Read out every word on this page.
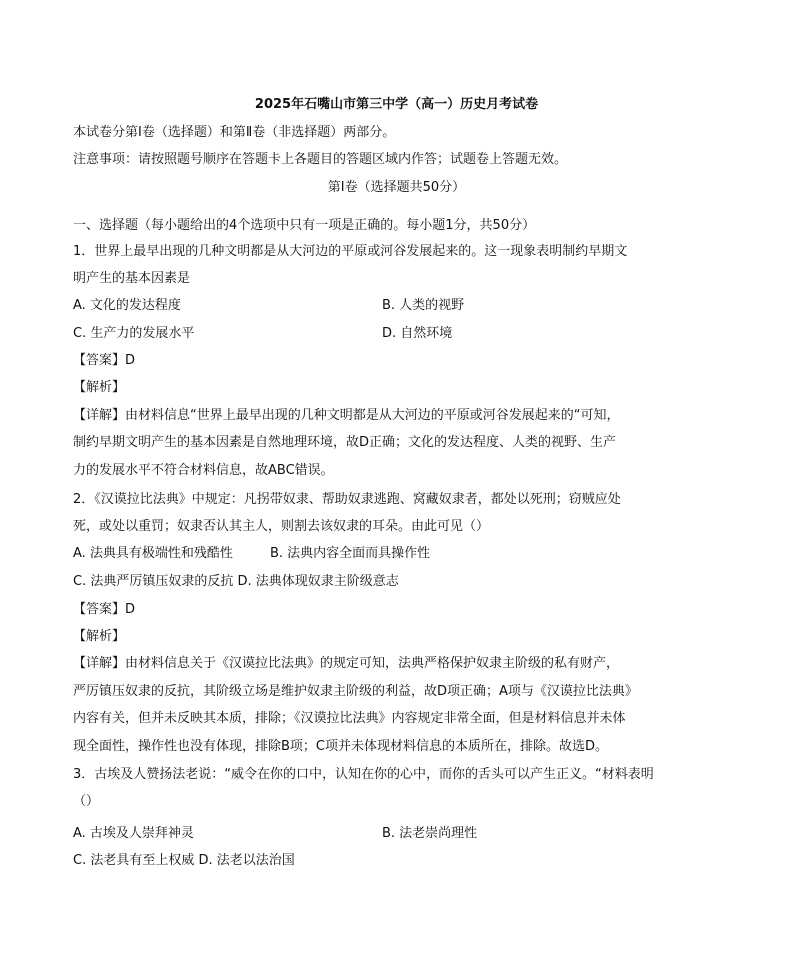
2025年石嘴山市第三中学（高一）历史月考试卷
本试卷分第Ⅰ卷（选择题）和第Ⅱ卷（非选择题）两部分。
注意事项：请按照题号顺序在答题卡上各题目的答题区域内作答；试题卷上答题无效。
第Ⅰ卷（选择题共50分）
一、选择题（每小题给出的4个选项中只有一项是正确的。每小题1分，共50分）
1．世界上最早出现的几种文明都是从大河边的平原或河谷发展起来的。这一现象表明制约早期文
明产生的基本因素是
A. 文化的发达程度	B. 人类的视野
C. 生产力的发展水平	D. 自然环境
【答案】D
【解析】
【详解】由材料信息“世界上最早出现的几种文明都是从大河边的平原或河谷发展起来的“可知，
制约早期文明产生的基本因素是自然地理环境，故D正确；文化的发达程度、人类的视野、生产
力的发展水平不符合材料信息，故ABC错误。
2．《汉谟拉比法典》中规定：凡拐带奴隶、帮助奴隶逃跑、窝藏奴隶者，都处以死刑；窃贼应处
死，或处以重罚；奴隶否认其主人，则割去该奴隶的耳朵。由此可见（）
A. 法典具有极端性和残酷性	B. 法典内容全面而具操作性
C. 法典严厉镇压奴隶的反抗 D. 法典体现奴隶主阶级意志
【答案】D
【解析】
【详解】由材料信息关于《汉谟拉比法典》的规定可知，法典严格保护奴隶主阶级的私有财产，
严厉镇压奴隶的反抗，其阶级立场是维护奴隶主阶级的利益，故D项正确；A项与《汉谟拉比法典》
内容有关，但并未反映其本质，排除；《汉谟拉比法典》内容规定非常全面，但是材料信息并未体
现全面性，操作性也没有体现，排除B项；C项并未体现材料信息的本质所在，排除。故选D。
3．古埃及人赞扬法老说：“威令在你的口中，认知在你的心中，而你的舌头可以产生正义。“材料表明
（）
A. 古埃及人崇拜神灵	B. 法老崇尚理性
C. 法老具有至上权威 D. 法老以法治国
